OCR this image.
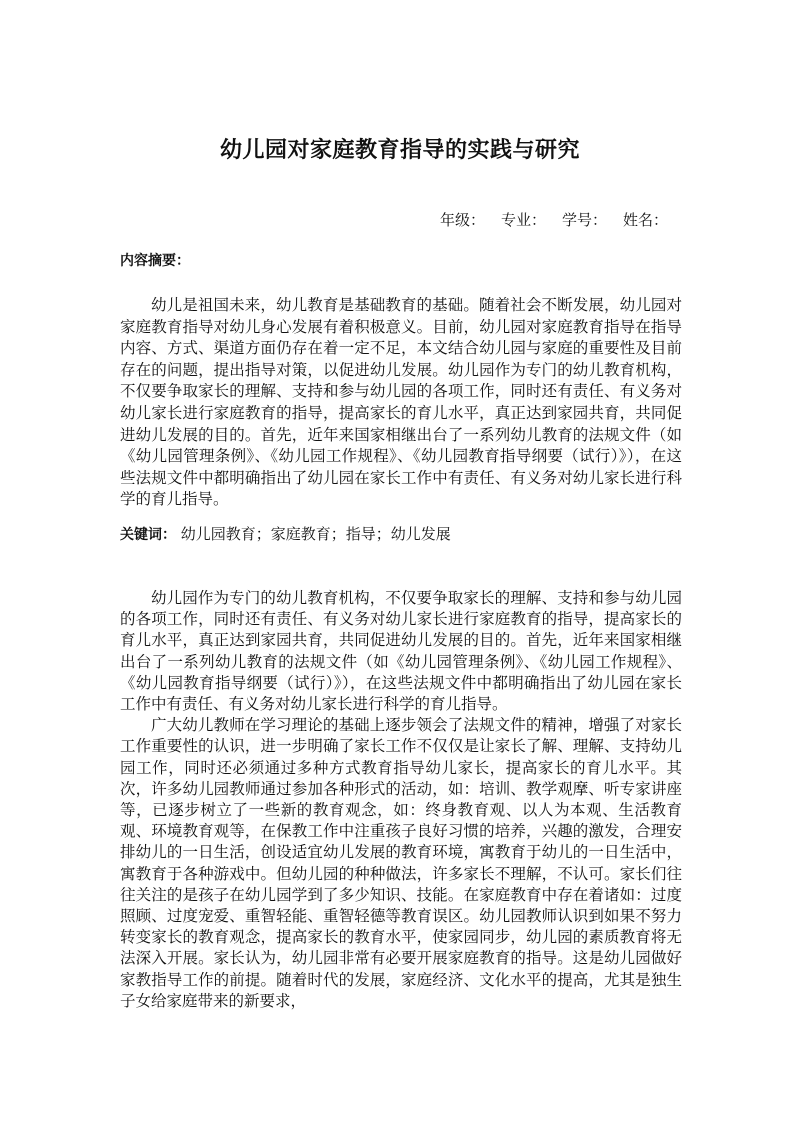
幼儿园对家庭教育指导的实践与研究
年级： 专业： 学号： 姓名：
内容摘要：

幼儿是祖国未来，幼儿教育是基础教育的基础。随着社会不断发展，幼儿园对家庭教育指导对幼儿身心发展有着积极意义。目前，幼儿园对家庭教育指导在指导内容、方式、渠道方面仍存在着一定不足，本文结合幼儿园与家庭的重要性及目前存在的问题，提出指导对策，以促进幼儿发展。幼儿园作为专门的幼儿教育机构，不仅要争取家长的理解、支持和参与幼儿园的各项工作，同时还有责任、有义务对幼儿家长进行家庭教育的指导，提高家长的育儿水平，真正达到家园共育，共同促进幼儿发展的目的。首先，近年来国家相继出台了一系列幼儿教育的法规文件（如《幼儿园管理条例》、《幼儿园工作规程》、《幼儿园教育指导纲要（试行）》），在这些法规文件中都明确指出了幼儿园在家长工作中有责任、有义务对幼儿家长进行科学的育儿指导。

关键词： 幼儿园教育；家庭教育；指导；幼儿发展

幼儿园作为专门的幼儿教育机构，不仅要争取家长的理解、支持和参与幼儿园的各项工作，同时还有责任、有义务对幼儿家长进行家庭教育的指导，提高家长的育儿水平，真正达到家园共育，共同促进幼儿发展的目的。首先，近年来国家相继出台了一系列幼儿教育的法规文件（如《幼儿园管理条例》、《幼儿园工作规程》、《幼儿园教育指导纲要（试行）》），在这些法规文件中都明确指出了幼儿园在家长工作中有责任、有义务对幼儿家长进行科学的育儿指导。

广大幼儿教师在学习理论的基础上逐步领会了法规文件的精神，增强了对家长工作重要性的认识，进一步明确了家长工作不仅仅是让家长了解、理解、支持幼儿园工作，同时还必须通过多种方式教育指导幼儿家长，提高家长的育儿水平。其次，许多幼儿园教师通过参加各种形式的活动，如：培训、教学观摩、听专家讲座等，已逐步树立了一些新的教育观念，如：终身教育观、以人为本观、生活教育观、环境教育观等，在保教工作中注重孩子良好习惯的培养，兴趣的激发，合理安排幼儿的一日生活，创设适宜幼儿发展的教育环境，寓教育于幼儿的一日生活中，寓教育于各种游戏中。但幼儿园的种种做法，许多家长不理解，不认可。家长们往往关注的是孩子在幼儿园学到了多少知识、技能。在家庭教育中存在着诸如：过度照顾、过度宠爱、重智轻能、重智轻德等教育误区。幼儿园教师认识到如果不努力转变家长的教育观念，提高家长的教育水平，使家园同步，幼儿园的素质教育将无法深入开展。家长认为，幼儿园非常有必要开展家庭教育的指导。这是幼儿园做好家教指导工作的前提。随着时代的发展，家庭经济、文化水平的提高，尤其是独生子女给家庭带来的新要求，
